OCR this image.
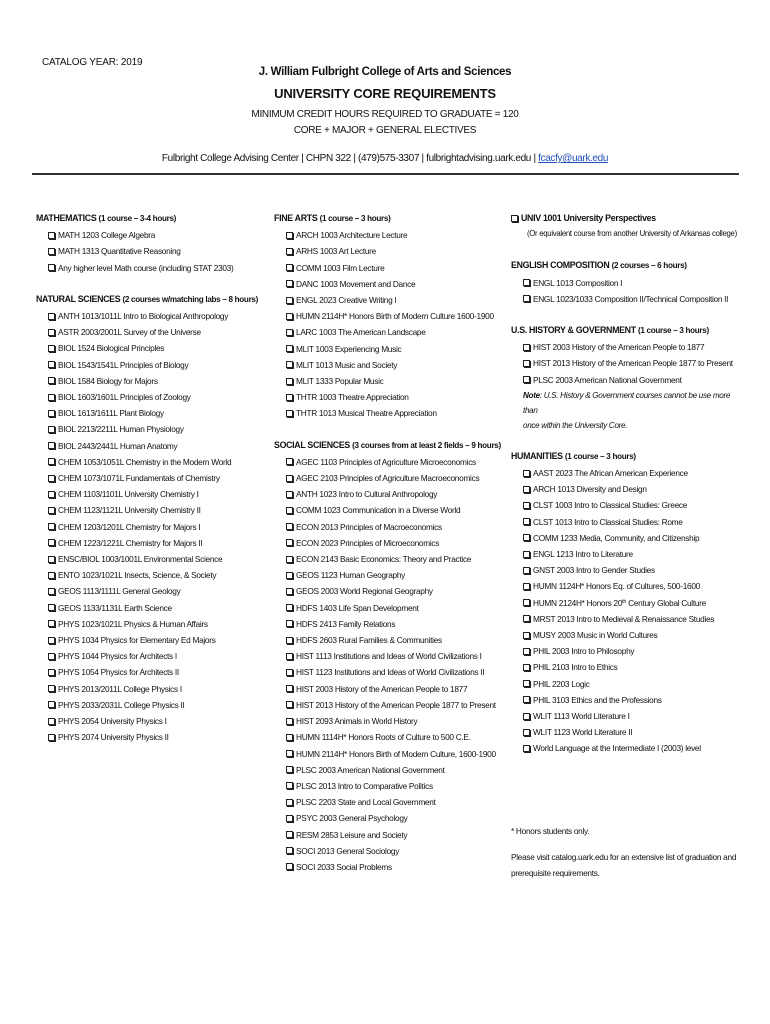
CATALOG YEAR: 2019
J. William Fulbright College of Arts and Sciences
UNIVERSITY CORE REQUIREMENTS
MINIMUM CREDIT HOURS REQUIRED TO GRADUATE = 120
CORE + MAJOR + GENERAL ELECTIVES
Fulbright College Advising Center | CHPN 322 | (479)575-3307 | fulbrightadvising.uark.edu | fcacfy@uark.edu
MATHEMATICS (1 course – 3-4 hours)
MATH 1203 College Algebra
MATH 1313 Quantitative Reasoning
Any higher level Math course (including STAT 2303)
NATURAL SCIENCES (2 courses w/matching labs – 8 hours)
ANTH 1013/1011L Intro to Biological Anthropology
ASTR 2003/2001L Survey of the Universe
BIOL 1524 Biological Principles
BIOL 1543/1541L Principles of Biology
BIOL 1584 Biology for Majors
BIOL 1603/1601L Principles of Zoology
BIOL 1613/1611L Plant Biology
BIOL 2213/2211L Human Physiology
BIOL 2443/2441L Human Anatomy
CHEM 1053/1051L Chemistry in the Modern World
CHEM 1073/1071L Fundamentals of Chemistry
CHEM 1103/1101L University Chemistry I
CHEM 1123/1121L University Chemistry II
CHEM 1203/1201L Chemistry for Majors I
CHEM 1223/1221L Chemistry for Majors II
ENSC/BIOL 1003/1001L Environmental Science
ENTO 1023/1021L Insects, Science, & Society
GEOS 1113/1111L General Geology
GEOS 1133/1131L Earth Science
PHYS 1023/1021L Physics & Human Affairs
PHYS 1034 Physics for Elementary Ed Majors
PHYS 1044 Physics for Architects I
PHYS 1054 Physics for Architects II
PHYS 2013/2011L College Physics I
PHYS 2033/2031L College Physics II
PHYS 2054 University Physics I
PHYS 2074 University Physics II
FINE ARTS (1 course – 3 hours)
ARCH 1003 Architecture Lecture
ARHS 1003 Art Lecture
COMM 1003 Film Lecture
DANC 1003 Movement and Dance
ENGL 2023 Creative Writing I
HUMN 2114H* Honors Birth of Modern Culture 1600-1900
LARC 1003 The American Landscape
MLIT 1003 Experiencing Music
MLIT 1013 Music and Society
MLIT 1333 Popular Music
THTR 1003 Theatre Appreciation
THTR 1013 Musical Theatre Appreciation
SOCIAL SCIENCES (3 courses from at least 2 fields – 9 hours)
AGEC 1103 Principles of Agriculture Microeconomics
AGEC 2103 Principles of Agriculture Macroeconomics
ANTH 1023 Intro to Cultural Anthropology
COMM 1023 Communication in a Diverse World
ECON 2013 Principles of Macroeconomics
ECON 2023 Principles of Microeconomics
ECON 2143 Basic Economics: Theory and Practice
GEOS 1123 Human Geography
GEOS 2003 World Regional Geography
HDFS 1403 Life Span Development
HDFS 2413 Family Relations
HDFS 2603 Rural Families & Communities
HIST 1113 Institutions and Ideas of World Civilizations I
HIST 1123 Institutions and Ideas of World Civilizations II
HIST 2003 History of the American People to 1877
HIST 2013 History of the American People 1877 to Present
HIST 2093 Animals in World History
HUMN 1114H* Honors Roots of Culture to 500 C.E.
HUMN 2114H* Honors Birth of Modern Culture, 1600-1900
PLSC 2003 American National Government
PLSC 2013 Intro to Comparative Politics
PLSC 2203 State and Local Government
PSYC 2003 General Psychology
RESM 2853 Leisure and Society
SOCI 2013 General Sociology
SOCI 2033 Social Problems
UNIV 1001 University Perspectives
(Or equivalent course from another University of Arkansas college)
ENGLISH COMPOSITION (2 courses – 6 hours)
ENGL 1013 Composition I
ENGL 1023/1033 Composition II/Technical Composition II
U.S. HISTORY & GOVERNMENT (1 course – 3 hours)
HIST 2003 History of the American People to 1877
HIST 2013 History of the American People 1877 to Present
PLSC 2003 American National Government
Note: U.S. History & Government courses cannot be use more than
once within the University Core.
HUMANITIES (1 course – 3 hours)
AAST 2023 The African American Experience
ARCH 1013 Diversity and Design
CLST 1003 Intro to Classical Studies: Greece
CLST 1013 Intro to Classical Studies: Rome
COMM 1233 Media, Community, and Citizenship
ENGL 1213 Intro to Literature
GNST 2003 Intro to Gender Studies
HUMN 1124H* Honors Eq. of Cultures, 500-1600
HUMN 2124H* Honors 20th Century Global Culture
MRST 2013 Intro to Medieval & Renaissance Studies
MUSY 2003 Music in World Cultures
PHIL 2003 Intro to Philosophy
PHIL 2103 Intro to Ethics
PHIL 2203 Logic
PHIL 3103 Ethics and the Professions
WLIT 1113 World Literature I
WLIT 1123 World Literature II
World Language at the Intermediate I (2003) level
* Honors students only.
Please visit catalog.uark.edu for an extensive list of graduation and
prerequisite requirements.
